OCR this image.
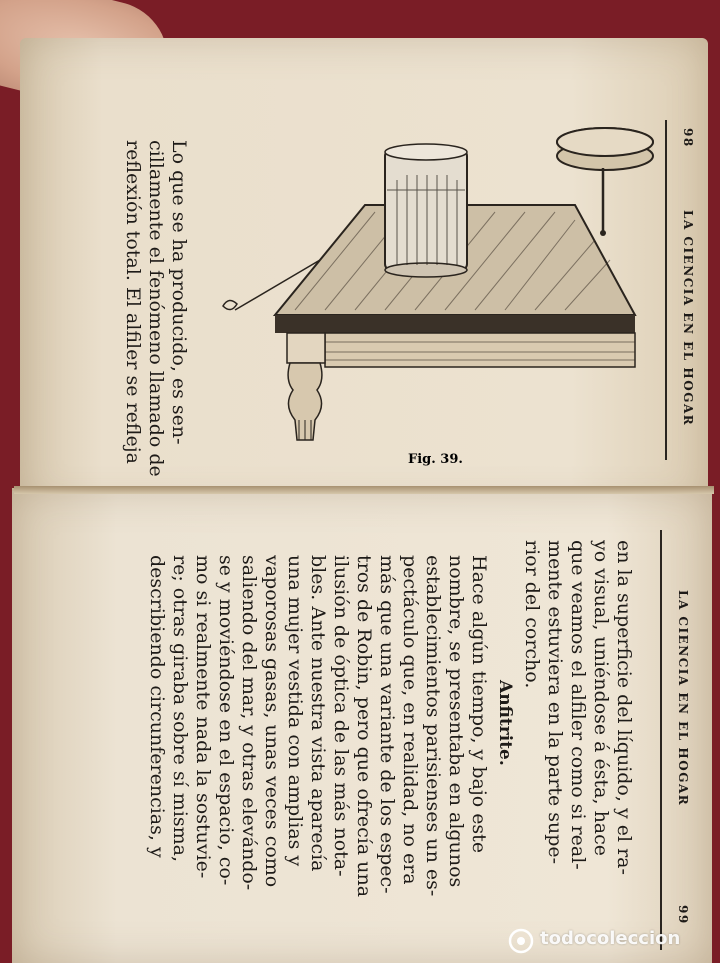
98
LA CIENCIA EN EL HOGAR
Fig. 39.
Lo que se ha producido, es sen-
cillamente el fenómeno llamado de
reflexión total. El alfiler se refleja
LA CIENCIA EN EL HOGAR
99
en la superficie del líquido, y el ra-
yo visual, uniéndose á ésta, hace
que veamos el alfiler como si real-
mente estuviera en la parte supe-
rior del corcho.
Anfitrite.
Hace algún tiempo, y bajo este
nombre, se presentaba en algunos
establecimientos parisienses un es-
pectáculo que, en realidad, no era
más que una variante de los espec-
tros de Robin, pero que ofrecía una
ilusión de óptica de las más nota-
bles. Ante nuestra vista aparecía
una mujer vestida con amplias y
vaporosas gasas, unas veces como
saliendo del mar, y otras elevándo-
se y moviéndose en el espacio, co-
mo si realmente nada la sostuvie-
re; otras giraba sobre sí misma,
describiendo circunferencias, y
todocoleccion
